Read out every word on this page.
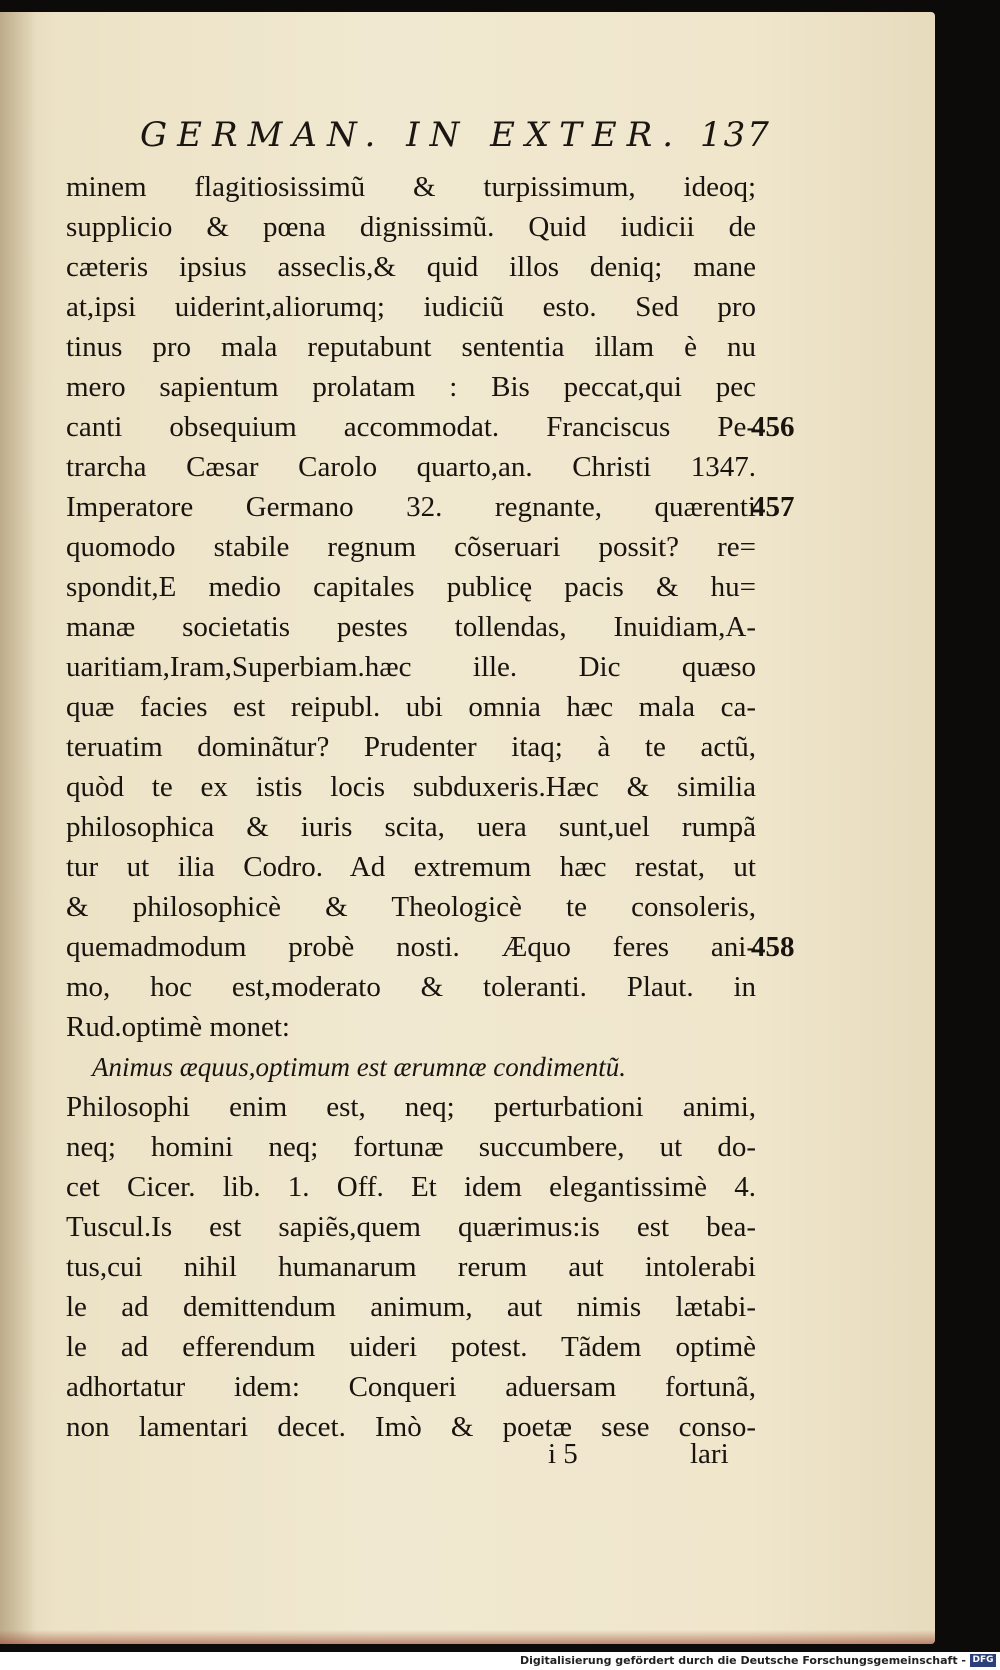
GERMAN. IN EXTER. 137
minem flagitiosissimũ & turpissimum, ideoq;
supplicio & pœna dignissimũ. Quid iudicii de
cæteris ipsius asseclis,& quid illos deniq; mane
at,ipsi uiderint,aliorumq; iudiciũ esto. Sed pro
tinus pro mala reputabunt sententia illam è nu
mero sapientum prolatam : Bis peccat,qui pec
canti obsequium accommodat. Franciscus Pe-
trarcha Cæsar Carolo quarto,an. Christi 1347.
Imperatore Germano 32. regnante, quærenti
quomodo stabile regnum cõseruari possit? re=
spondit,E medio capitales publicę pacis & hu=
manæ societatis pestes tollendas, Inuidiam,A-
uaritiam,Iram,Superbiam.hæc ille. Dic quæso
quæ facies est reipubl. ubi omnia hæc mala ca-
teruatim dominãtur? Prudenter itaq; à te actũ,
quòd te ex istis locis subduxeris.Hæc & similia
philosophica & iuris scita, uera sunt,uel rumpã
tur ut ilia Codro. Ad extremum hæc restat, ut
& philosophicè & Theologicè te consoleris,
quemadmodum probè nosti. Æquo feres ani-
mo, hoc est,moderato & toleranti. Plaut. in
Rud.optimè monet:
Animus æquus,optimum est ærumnæ condimentũ.
Philosophi enim est, neq; perturbationi animi,
neq; homini neq; fortunæ succumbere, ut do-
cet Cicer. lib. 1. Off. Et idem elegantissimè 4.
Tuscul.Is est sapiẽs,quem quærimus:is est bea-
tus,cui nihil humanarum rerum aut intolerabi
le ad demittendum animum, aut nimis lætabi-
le ad efferendum uideri potest. Tãdem optimè
adhortatur idem: Conqueri aduersam fortunã,
non lamentari decet. Imò & poetæ sese conso-
456
457
458
i 5	lari
Digitalisierung gefördert durch die Deutsche Forschungsgemeinschaft - DFG
